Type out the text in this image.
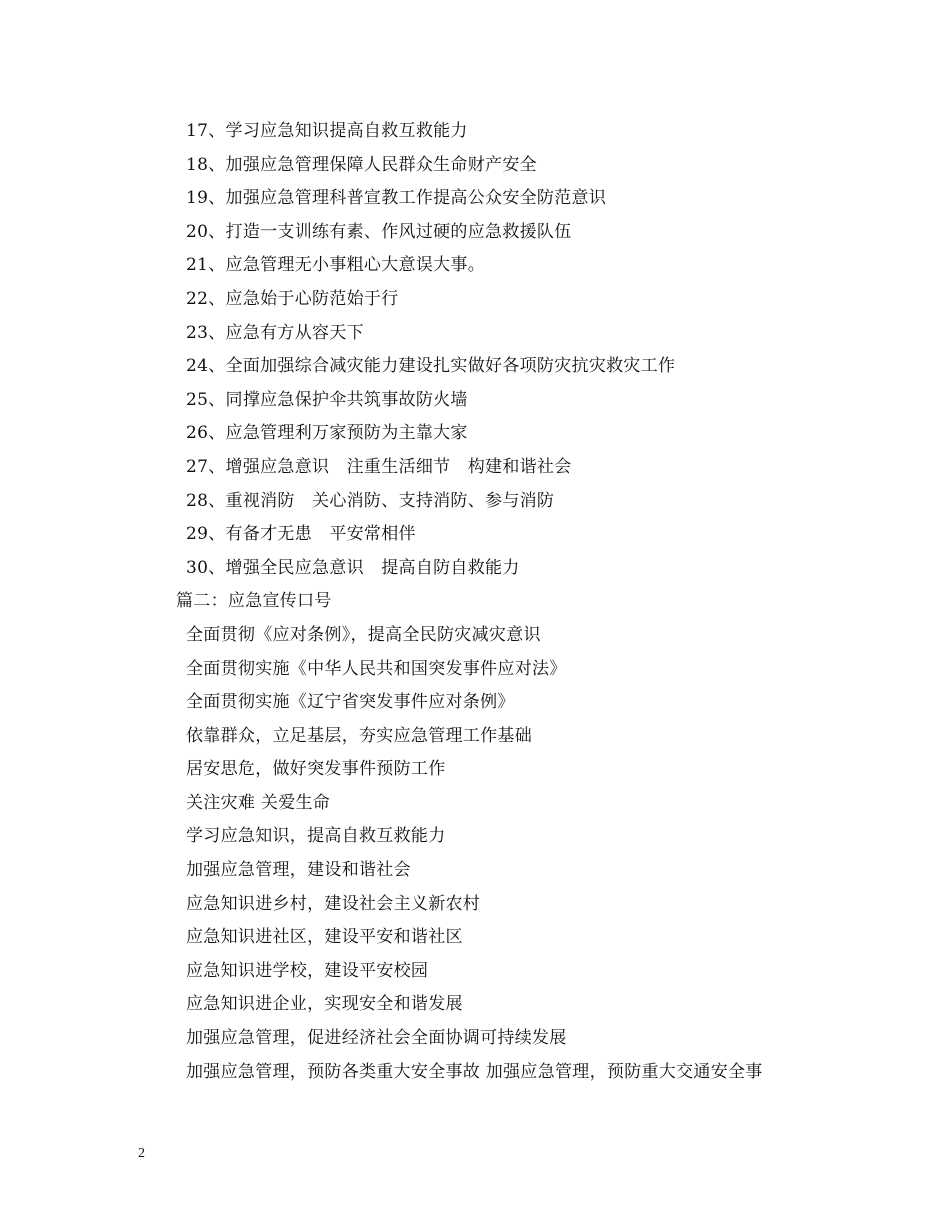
17、学习应急知识提高自救互救能力
18、加强应急管理保障人民群众生命财产安全
19、加强应急管理科普宣教工作提高公众安全防范意识
20、打造一支训练有素、作风过硬的应急救援队伍
21、应急管理无小事粗心大意误大事。
22、应急始于心防范始于行
23、应急有方从容天下
24、全面加强综合减灾能力建设扎实做好各项防灾抗灾救灾工作
25、同撑应急保护伞共筑事故防火墙
26、应急管理利万家预防为主靠大家
27、增强应急意识　注重生活细节　构建和谐社会
28、重视消防　关心消防、支持消防、参与消防
29、有备才无患　平安常相伴
30、增强全民应急意识　提高自防自救能力
篇二：应急宣传口号
全面贯彻《应对条例》，提高全民防灾减灾意识
全面贯彻实施《中华人民共和国突发事件应对法》
全面贯彻实施《辽宁省突发事件应对条例》
依靠群众，立足基层，夯实应急管理工作基础
居安思危，做好突发事件预防工作
关注灾难 关爱生命
学习应急知识，提高自救互救能力
加强应急管理，建设和谐社会
应急知识进乡村，建设社会主义新农村
应急知识进社区，建设平安和谐社区
应急知识进学校，建设平安校园
应急知识进企业，实现安全和谐发展
加强应急管理，促进经济社会全面协调可持续发展
加强应急管理，预防各类重大安全事故 加强应急管理，预防重大交通安全事
2
